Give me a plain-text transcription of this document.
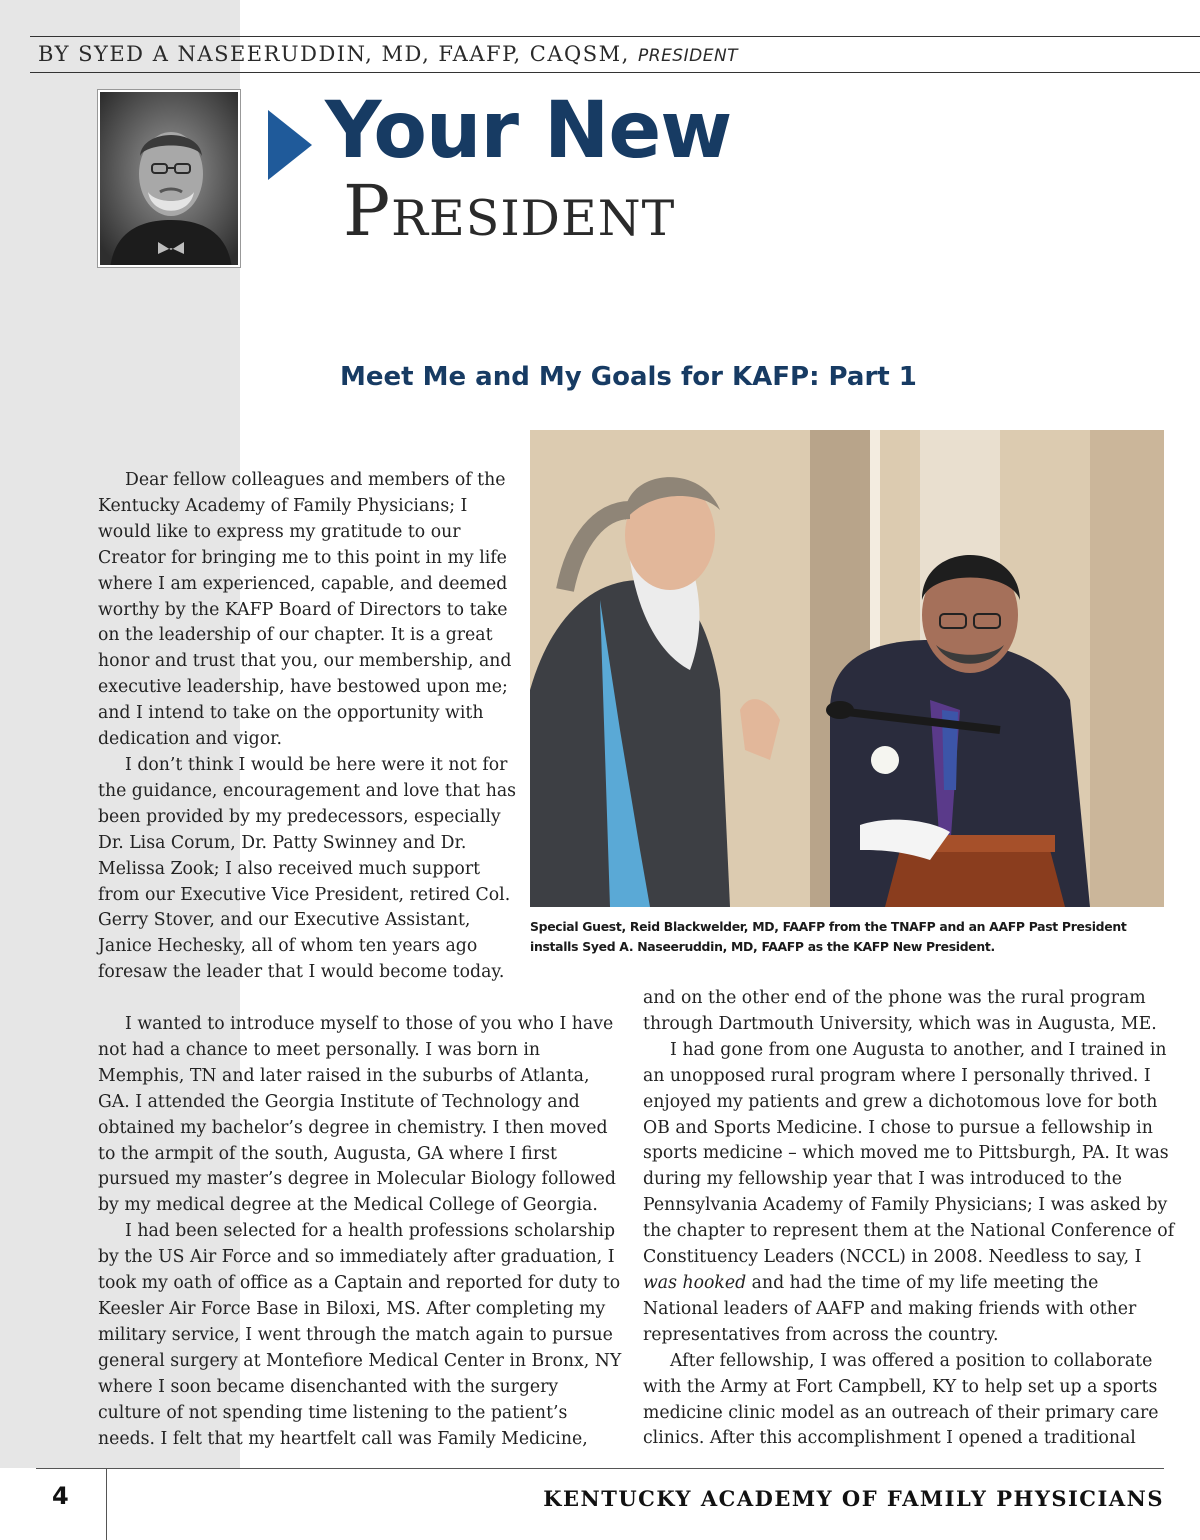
BY SYED A NASEERUDDIN, MD, FAAFP, CAQSM, PRESIDENT
Your New
President
Meet Me and My Goals for KAFP: Part 1

Dear fellow colleagues and members of the Kentucky Academy of Family Physicians; I would like to express my gratitude to our Creator for bringing me to this point in my life where I am experienced, capable, and deemed worthy by the KAFP Board of Directors to take on the leadership of our chapter. It is a great honor and trust that you, our membership, and executive leadership, have bestowed upon me; and I intend to take on the opportunity with dedication and vigor.

I don’t think I would be here were it not for the guidance, encouragement and love that has been provided by my predecessors, especially Dr. Lisa Corum, Dr. Patty Swinney and Dr. Melissa Zook; I also received much support from our Executive Vice President, retired Col. Gerry Stover, and our Executive Assistant, Janice Hechesky, all of whom ten years ago foresaw the leader that I would become today.

Special Guest, Reid Blackwelder, MD, FAAFP from the TNAFP and an AAFP Past President installs Syed A. Naseeruddin, MD, FAAFP as the KAFP New President.

I wanted to introduce myself to those of you who I have not had a chance to meet personally. I was born in Memphis, TN and later raised in the suburbs of Atlanta, GA. I attended the Georgia Institute of Technology and obtained my bachelor’s degree in chemistry. I then moved to the armpit of the south, Augusta, GA where I first pursued my master’s degree in Molecular Biology followed by my medical degree at the Medical College of Georgia.

I had been selected for a health professions scholarship by the US Air Force and so immediately after graduation, I took my oath of office as a Captain and reported for duty to Keesler Air Force Base in Biloxi, MS. After completing my military service, I went through the match again to pursue general surgery at Montefiore Medical Center in Bronx, NY where I soon became disenchanted with the surgery culture of not spending time listening to the patient’s needs. I felt that my heartfelt call was Family Medicine,

and on the other end of the phone was the rural program through Dartmouth University, which was in Augusta, ME.

I had gone from one Augusta to another, and I trained in an unopposed rural program where I personally thrived. I enjoyed my patients and grew a dichotomous love for both OB and Sports Medicine. I chose to pursue a fellowship in sports medicine – which moved me to Pittsburgh, PA. It was during my fellowship year that I was introduced to the Pennsylvania Academy of Family Physicians; I was asked by the chapter to represent them at the National Conference of Constituency Leaders (NCCL) in 2008. Needless to say, I was hooked and had the time of my life meeting the National leaders of AAFP and making friends with other representatives from across the country.

After fellowship, I was offered a position to collaborate with the Army at Fort Campbell, KY to help set up a sports medicine clinic model as an outreach of their primary care clinics. After this accomplishment I opened a traditional

4	KENTUCKY ACADEMY OF FAMILY PHYSICIANS
